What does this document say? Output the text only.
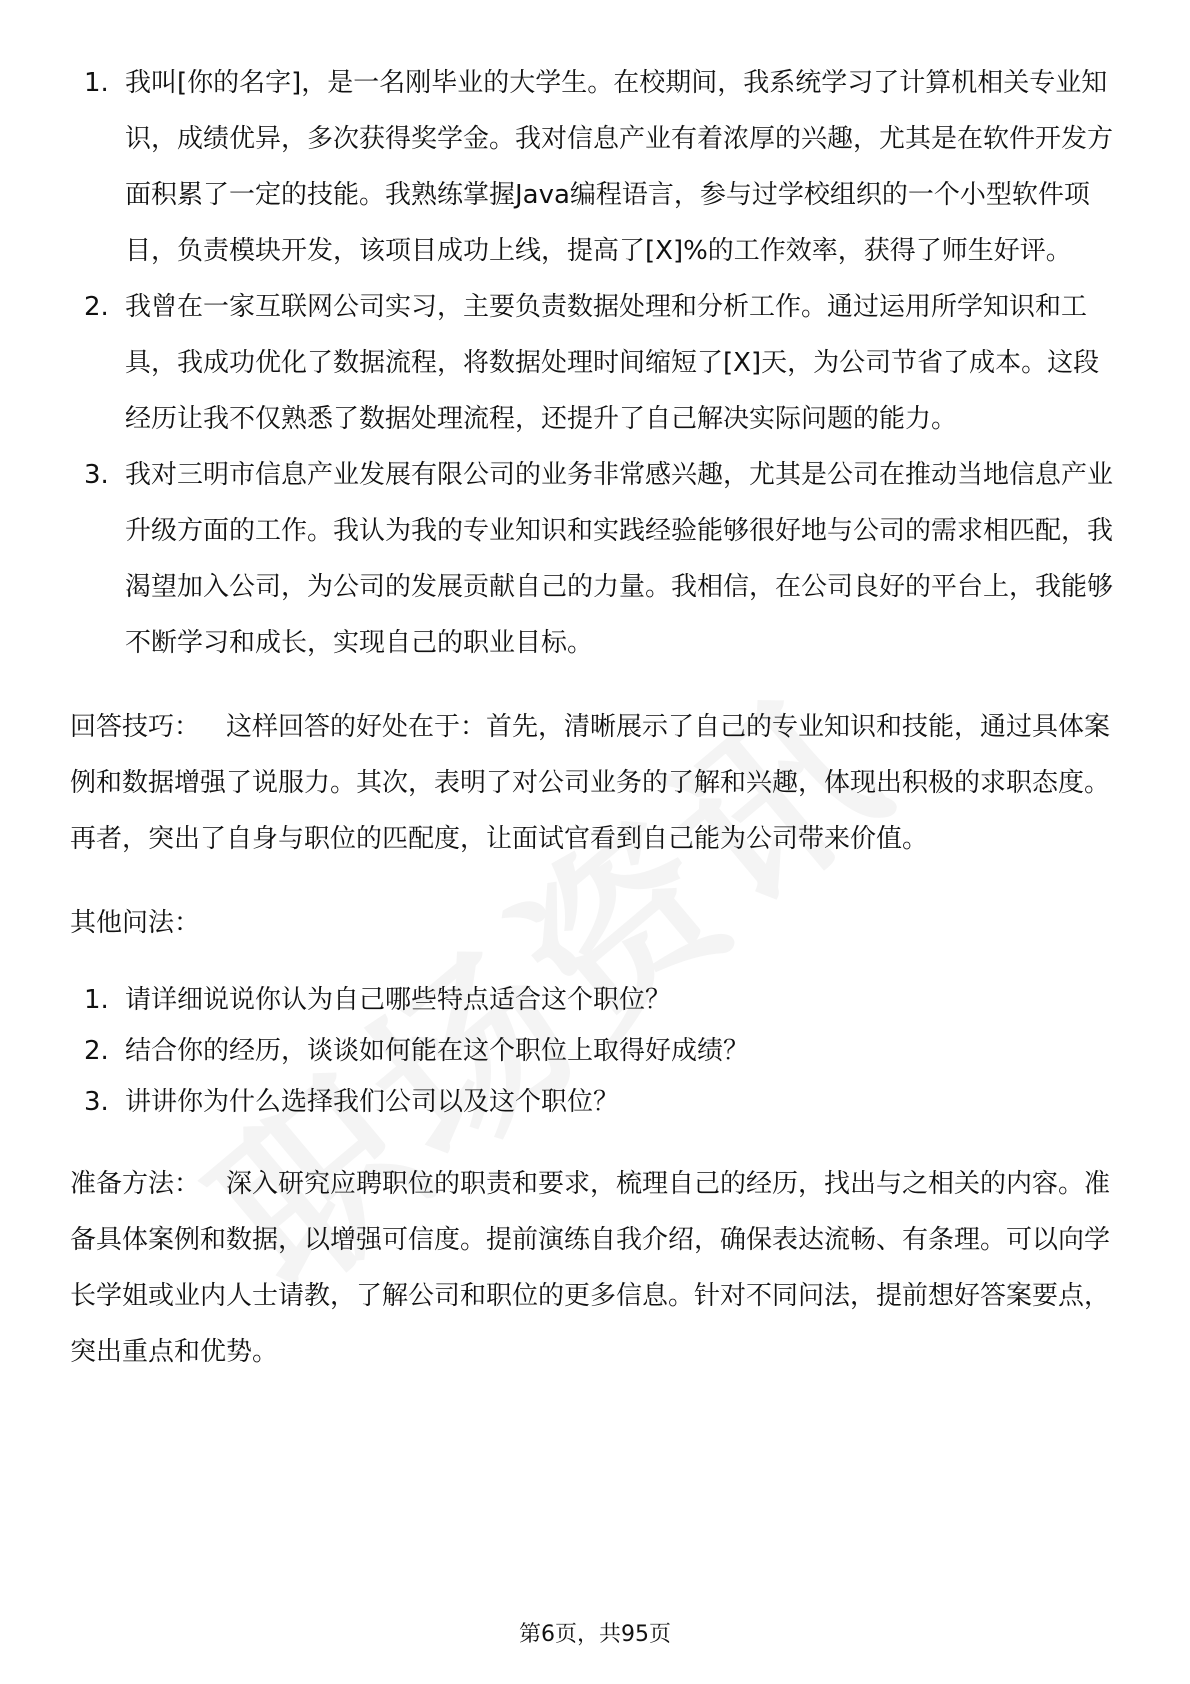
1. 我叫[你的名字]，是一名刚毕业的大学生。在校期间，我系统学习了计算机相关专业知识，成绩优异，多次获得奖学金。我对信息产业有着浓厚的兴趣，尤其是在软件开发方面积累了一定的技能。我熟练掌握Java编程语言，参与过学校组织的一个小型软件项目，负责模块开发，该项目成功上线，提高了[X]%的工作效率，获得了师生好评。
2. 我曾在一家互联网公司实习，主要负责数据处理和分析工作。通过运用所学知识和工具，我成功优化了数据流程，将数据处理时间缩短了[X]天，为公司节省了成本。这段经历让我不仅熟悉了数据处理流程，还提升了自己解决实际问题的能力。
3. 我对三明市信息产业发展有限公司的业务非常感兴趣，尤其是公司在推动当地信息产业升级方面的工作。我认为我的专业知识和实践经验能够很好地与公司的需求相匹配，我渴望加入公司，为公司的发展贡献自己的力量。我相信，在公司良好的平台上，我能够不断学习和成长，实现自己的职业目标。

回答技巧： 这样回答的好处在于：首先，清晰展示了自己的专业知识和技能，通过具体案例和数据增强了说服力。其次，表明了对公司业务的了解和兴趣，体现出积极的求职态度。再者，突出了自身与职位的匹配度，让面试官看到自己能为公司带来价值。

其他问法：

1. 请详细说说你认为自己哪些特点适合这个职位？
2. 结合你的经历，谈谈如何能在这个职位上取得好成绩？
3. 讲讲你为什么选择我们公司以及这个职位？

准备方法： 深入研究应聘职位的职责和要求，梳理自己的经历，找出与之相关的内容。准备具体案例和数据，以增强可信度。提前演练自我介绍，确保表达流畅、有条理。可以向学长学姐或业内人士请教，了解公司和职位的更多信息。针对不同问法，提前想好答案要点，突出重点和优势。

第6页，共95页
